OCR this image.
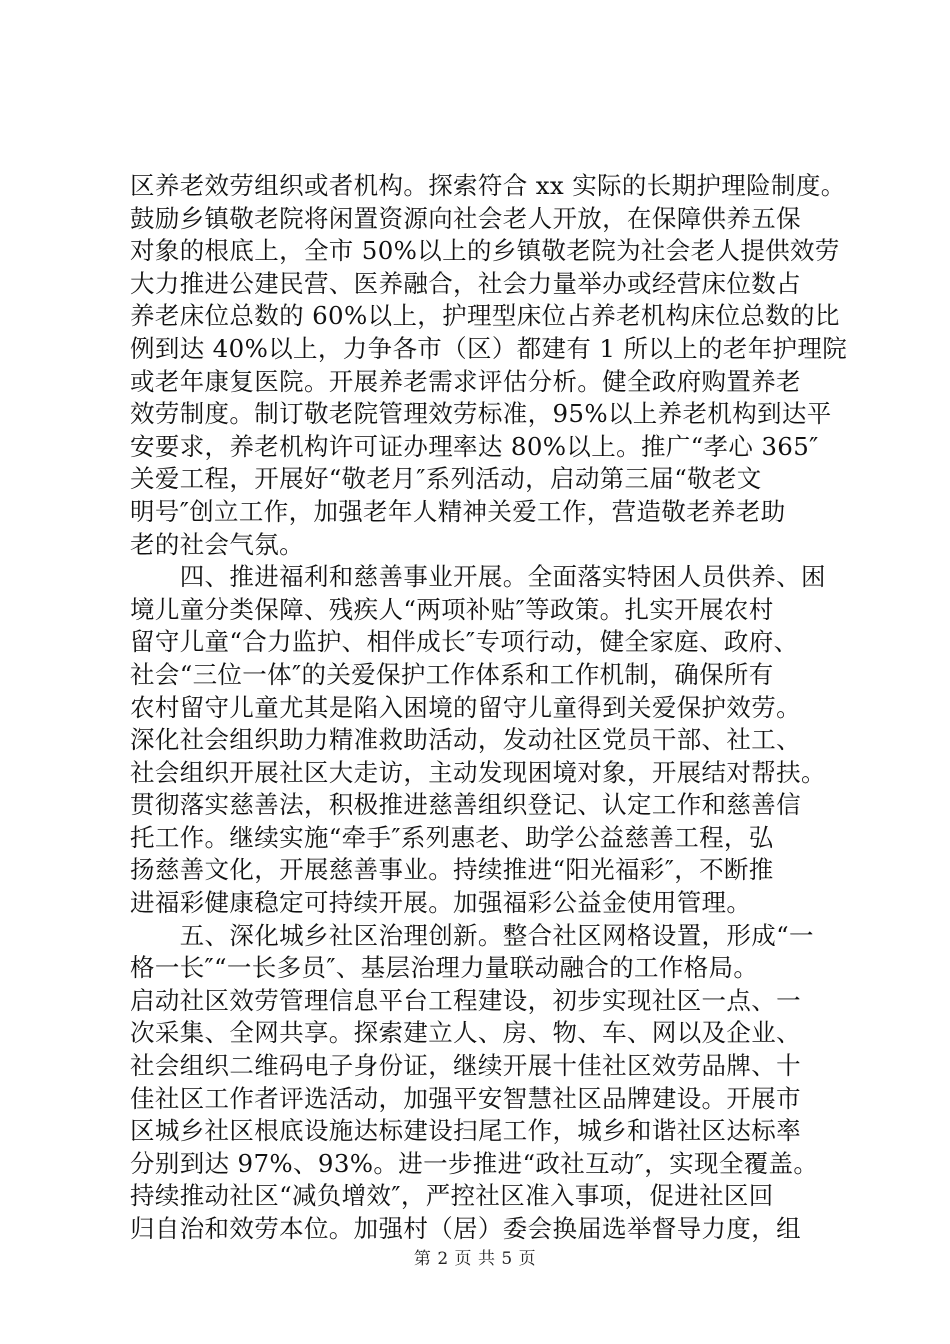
区养老效劳组织或者机构。探索符合 xx 实际的长期护理险制度。
鼓励乡镇敬老院将闲置资源向社会老人开放，在保障供养五保
对象的根底上，全市 50%以上的乡镇敬老院为社会老人提供效劳
大力推进公建民营、医养融合，社会力量举办或经营床位数占
养老床位总数的 60%以上，护理型床位占养老机构床位总数的比
例到达 40%以上，力争各市（区）都建有 1 所以上的老年护理院
或老年康复医院。开展养老需求评估分析。健全政府购置养老
效劳制度。制订敬老院管理效劳标准，95%以上养老机构到达平
安要求，养老机构许可证办理率达 80%以上。推广“孝心 365″
关爱工程，开展好“敬老月″系列活动，启动第三届“敬老文
明号″创立工作，加强老年人精神关爱工作，营造敬老养老助
老的社会气氛。
　　四、推进福利和慈善事业开展。全面落实特困人员供养、困
境儿童分类保障、残疾人“两项补贴″等政策。扎实开展农村
留守儿童“合力监护、相伴成长″专项行动，健全家庭、政府、
社会“三位一体″的关爱保护工作体系和工作机制，确保所有
农村留守儿童尤其是陷入困境的留守儿童得到关爱保护效劳。
深化社会组织助力精准救助活动，发动社区党员干部、社工、
社会组织开展社区大走访，主动发现困境对象，开展结对帮扶。
贯彻落实慈善法，积极推进慈善组织登记、认定工作和慈善信
托工作。继续实施“牵手″系列惠老、助学公益慈善工程，弘
扬慈善文化，开展慈善事业。持续推进“阳光福彩″，不断推
进福彩健康稳定可持续开展。加强福彩公益金使用管理。
　　五、深化城乡社区治理创新。整合社区网格设置，形成“一
格一长″“一长多员″、基层治理力量联动融合的工作格局。
启动社区效劳管理信息平台工程建设，初步实现社区一点、一
次采集、全网共享。探索建立人、房、物、车、网以及企业、
社会组织二维码电子身份证，继续开展十佳社区效劳品牌、十
佳社区工作者评选活动，加强平安智慧社区品牌建设。开展市
区城乡社区根底设施达标建设扫尾工作，城乡和谐社区达标率
分别到达 97%、93%。进一步推进“政社互动″，实现全覆盖。
持续推动社区“减负增效″，严控社区准入事项，促进社区回
归自治和效劳本位。加强村（居）委会换届选举督导力度，组
第 2 页 共 5 页
